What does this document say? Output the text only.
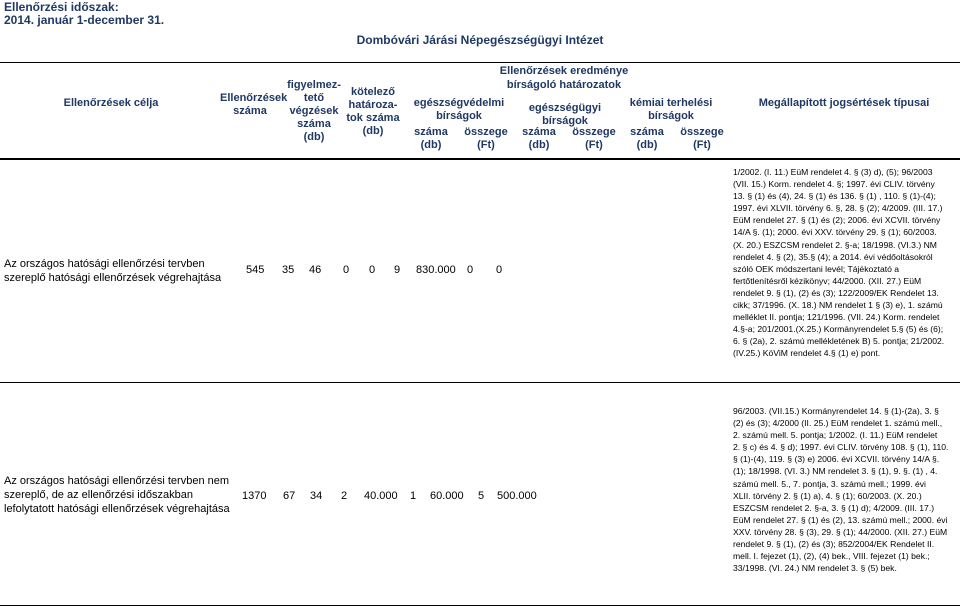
Ellenőrzési időszak:
2014. január 1-december 31.
Dombóvári Járási Népegészségügyi Intézet
Ellenőrzések célja	Ellenőrzések
száma
figyelmez-
tető
végzések
száma
(db)
kötelező
határoza-
tok száma
(db)
Ellenőrzések eredménye
bírságoló határozatok
egészségvédelmi
bírságok
egészségügyi bírságok
kémiai terhelési
bírságok
száma
(db)
összege
(Ft)
száma
(db)
összege
(Ft)
száma
(db)
összege
(Ft)
Megállapított jogsértések típusai
Az országos hatósági ellenőrzési tervben
szereplő hatósági ellenőrzések végrehajtása
545 35 46 0 0 9 830.000 0 0
1/2002. (I. 11.) EüM rendelet 4. § (3) d), (5); 96/2003
(VII. 15.) Korm. rendelet 4. §; 1997. évi CLIV. törvény
13. § (1) és (4), 24. § (1) és 136. § (1) , 110. § (1)-(4);
1997. évi XLVII. törvény 6. §, 28. § (2); 4/2009. (III. 17.)
EüM rendelet 27. § (1) és (2); 2006. évi XCVII. törvény
14/A §. (1); 2000. évi XXV. törvény 29. § (1); 60/2003.
(X. 20.) ESZCSM rendelet 2. §-a; 18/1998. (VI.3.) NM
rendelet 4. § (2), 35.§ (4); a 2014. évi védőoltásokról
szóló OEK módszertani levél; Tájékoztató a
fertőtlenítésről kézikönyv; 44/2000. (XII. 27.) EüM
rendelet 9. § (1), (2) és (3); 122/2009/EK Rendelet 13.
cikk; 37/1996. (X. 18.) NM rendelet 1 § (3) e), 1. számú
melléklet II. pontja; 121/1996. (VII. 24.) Korm. rendelet
4.§-a; 201/2001.(X.25.) Kormányrendelet 5.§ (5) és (6);
6. § (2a), 2. számú mellékletének B) 5. pontja; 21/2002.
(IV.25.) KöViM rendelet 4.§ (1) e) pont.
Az országos hatósági ellenőrzési tervben nem
szereplő, de az ellenőrzési időszakban
lefolytatott hatósági ellenőrzések végrehajtása
1370 67 34 2 40.000 1 60.000 5 500.000
96/2003. (VII.15.) Kormányrendelet 14. § (1)-(2a), 3. §
(2) és (3); 4/2000 (II. 25.) EüM rendelet 1. számú mell.,
2. számú mell. 5. pontja; 1/2002. (I. 11.) EüM rendelet
2. § c) és 4. § d); 1997. évi CLIV. törvény 108. § (1), 110.
§ (1)-(4), 119. § (3) e) 2006. évi XCVII. törvény 14/A §.
(1); 18/1998. (VI. 3.) NM rendelet 3. § (1), 9. §. (1) , 4.
számú mell. 5., 7. pontja, 3. számú mell.; 1999. évi
XLII. törvény 2. § (1) a), 4. § (1); 60/2003. (X. 20.)
ESZCSM rendelet 2. §-a, 3. § (1) d); 4/2009. (III. 17.)
EüM rendelet 27. § (1) és (2), 13. számú mell.; 2000. évi
XXV. törvény 28. § (3), 29. § (1); 44/2000. (XII. 27.) EüM
rendelet 9. § (1), (2) és (3); 852/2004/EK Rendelet II.
mell. I. fejezet (1), (2), (4) bek., VIII. fejezet (1) bek.;
33/1998. (VI. 24.) NM rendelet 3. § (5) bek.
